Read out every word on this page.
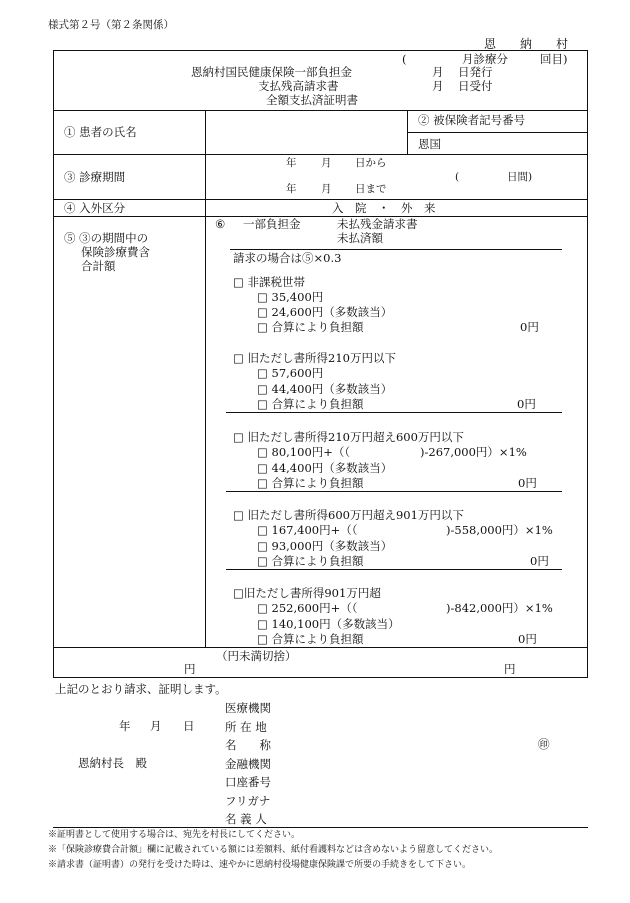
様式第２号（第２条関係）
恩　　納　　村
(	月診療分	回目)
恩納村国民健康保険一部負担金
支払残高請求書
全額支払済証明書
月 日発行
月 日受付
① 患者の氏名
② 被保険者記号番号
恩国
③ 診療期間
年 月 日から
年 月 日まで
(	日間)
④ 入外区分	入　院　・　外　来
⑤ ③の期間中の
保険診療費含
合計額
⑥ 一部負担金	未払残金請求書
未払済額
請求の場合は⑤×0.3
□ 非課税世帯
□ 35,400円
□ 24,600円（多数該当）
□ 合算により負担額	0円
□ 旧ただし書所得210万円以下
□ 57,600円
□ 44,400円（多数該当）
□ 合算により負担額	0円
□ 旧ただし書所得210万円超え600万円以下
□ 80,100円+（（	)-267,000円）×1%
□ 44,400円（多数該当）
□ 合算により負担額	0円
□ 旧ただし書所得600万円超え901万円以下
□ 167,400円+（（	)-558,000円）×1%
□ 93,000円（多数該当）
□ 合算により負担額	0円
□旧ただし書所得901万円超
□ 252,600円+（（	)-842,000円）×1%
□ 140,100円（多数該当）
□ 合算により負担額	0円
（円未満切捨）
円	円
上記のとおり請求、証明します。
年 月 日
恩納村長　殿
医療機関
所 在 地
名　　称
金融機関
口座番号
フリガナ
名 義 人
㊞
※証明書として使用する場合は、宛先を村長にしてください。
※「保険診療費合計額」欄に記載されている額には差額料、紙付看護料などは含めないよう留意してください。
※請求書（証明書）の発行を受けた時は、速やかに恩納村役場健康保険課で所要の手続きをして下さい。
